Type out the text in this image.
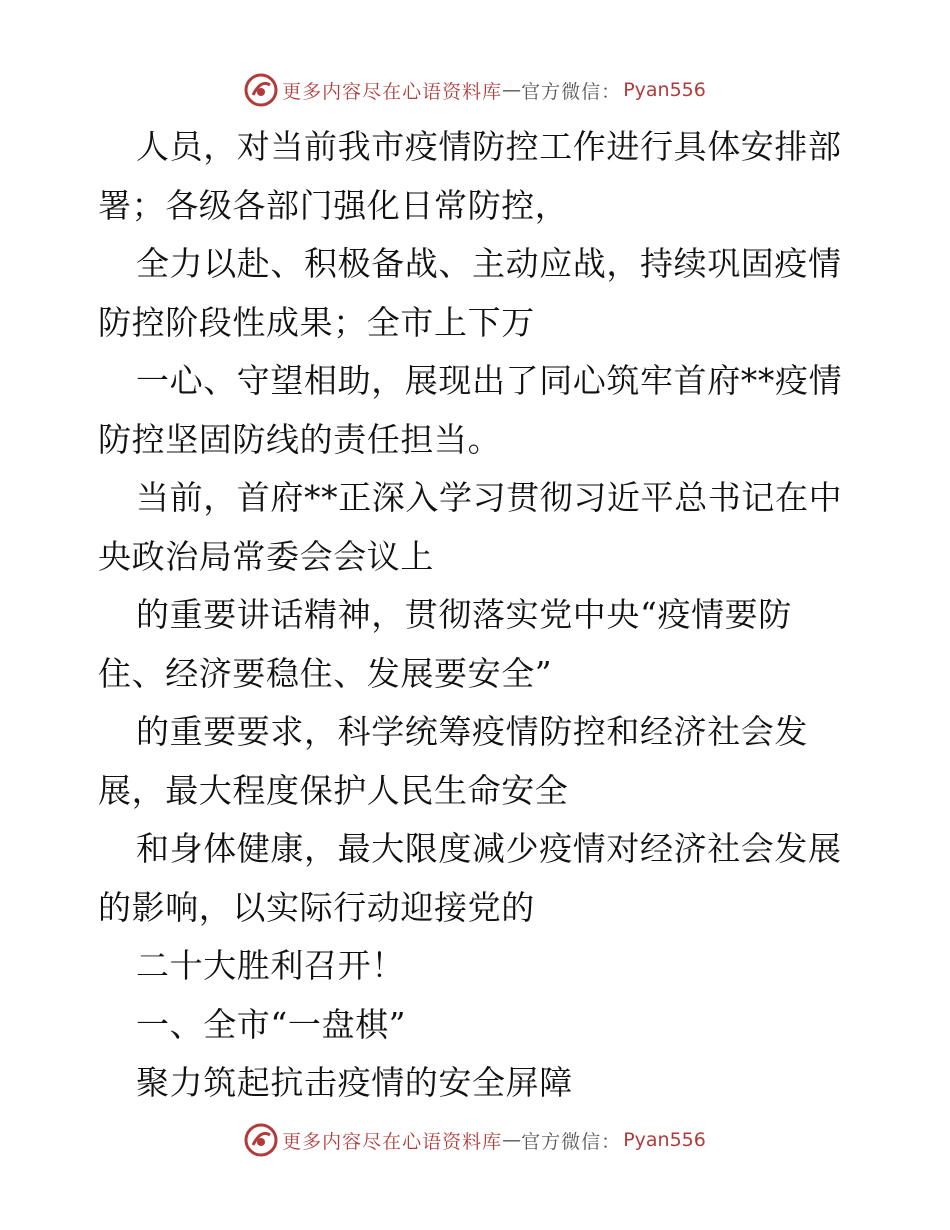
更多内容尽在心语资料库 — 官方微信： Pyan556
人员，对当前我市疫情防控工作进行具体安排部
署；各级各部门强化日常防控，
全力以赴、积极备战、主动应战，持续巩固疫情
防控阶段性成果；全市上下万
一心、守望相助，展现出了同心筑牢首府**疫情
防控坚固防线的责任担当。
当前，首府**正深入学习贯彻习近平总书记在中
央政治局常委会会议上
的重要讲话精神，贯彻落实党中央“疫情要防
住、经济要稳住、发展要安全”
的重要要求，科学统筹疫情防控和经济社会发
展，最大程度保护人民生命安全
和身体健康，最大限度减少疫情对经济社会发展
的影响，以实际行动迎接党的
二十大胜利召开！
一、全市“一盘棋”
聚力筑起抗击疫情的安全屏障
更多内容尽在心语资料库 — 官方微信： Pyan556
